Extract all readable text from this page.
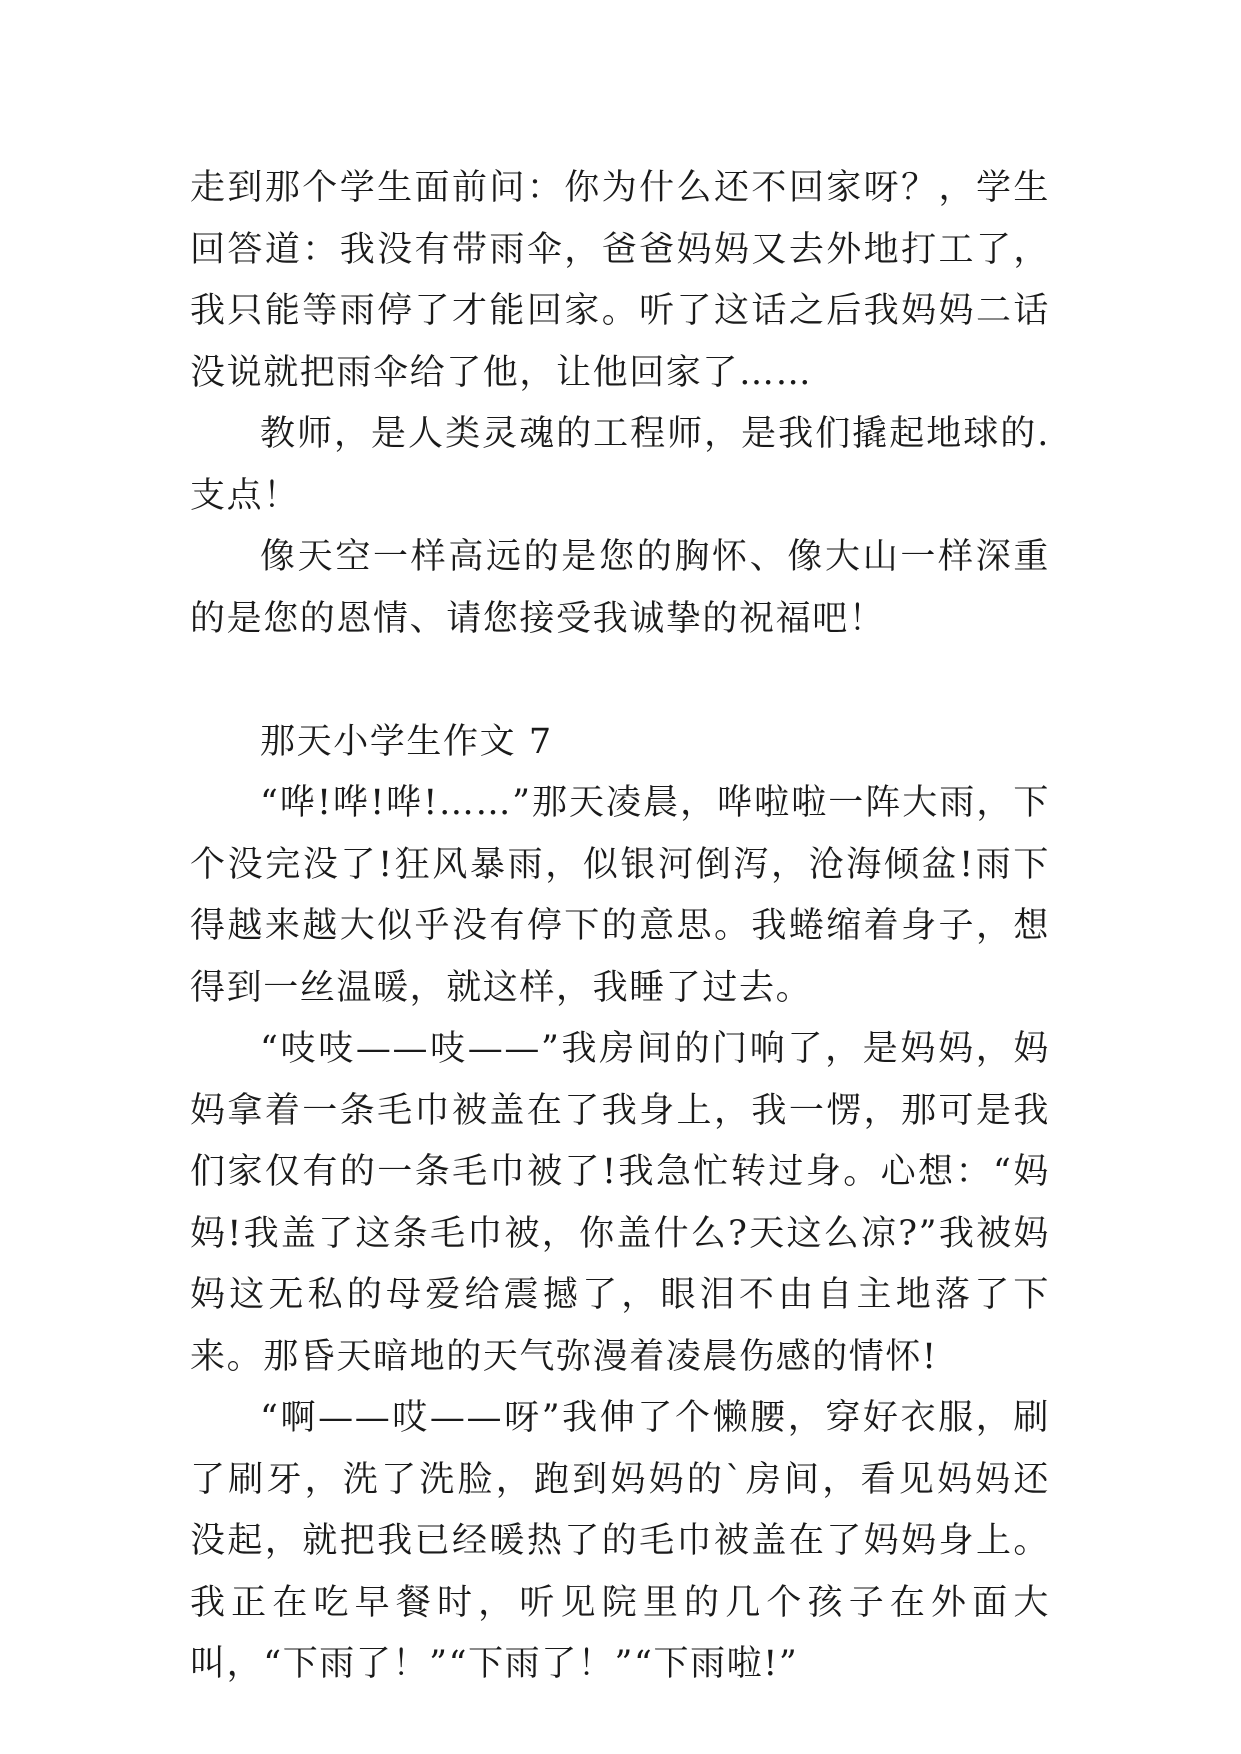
走到那个学生面前问：你为什么还不回家呀？，学生回答道：我没有带雨伞，爸爸妈妈又去外地打工了，我只能等雨停了才能回家。听了这话之后我妈妈二话没说就把雨伞给了他，让他回家了……

教师，是人类灵魂的工程师，是我们撬起地球的.支点！

像天空一样高远的是您的胸怀、像大山一样深重的是您的恩情、请您接受我诚挚的祝福吧！

那天小学生作文 7

“哗!哗!哗!……”那天凌晨，哗啦啦一阵大雨，下个没完没了!狂风暴雨，似银河倒泻，沧海倾盆!雨下得越来越大似乎没有停下的意思。我蜷缩着身子，想得到一丝温暖，就这样，我睡了过去。

“吱吱——吱——”我房间的门响了，是妈妈，妈妈拿着一条毛巾被盖在了我身上，我一愣，那可是我们家仅有的一条毛巾被了!我急忙转过身。心想：“妈妈!我盖了这条毛巾被，你盖什么?天这么凉?”我被妈妈这无私的母爱给震撼了，眼泪不由自主地落了下来。那昏天暗地的天气弥漫着凌晨伤感的情怀!

“啊——哎——呀”我伸了个懒腰，穿好衣服，刷了刷牙，洗了洗脸，跑到妈妈的`房间，看见妈妈还没起，就把我已经暖热了的毛巾被盖在了妈妈身上。我正在吃早餐时，听见院里的几个孩子在外面大叫，“下雨了！”“下雨了！”“下雨啦!”
